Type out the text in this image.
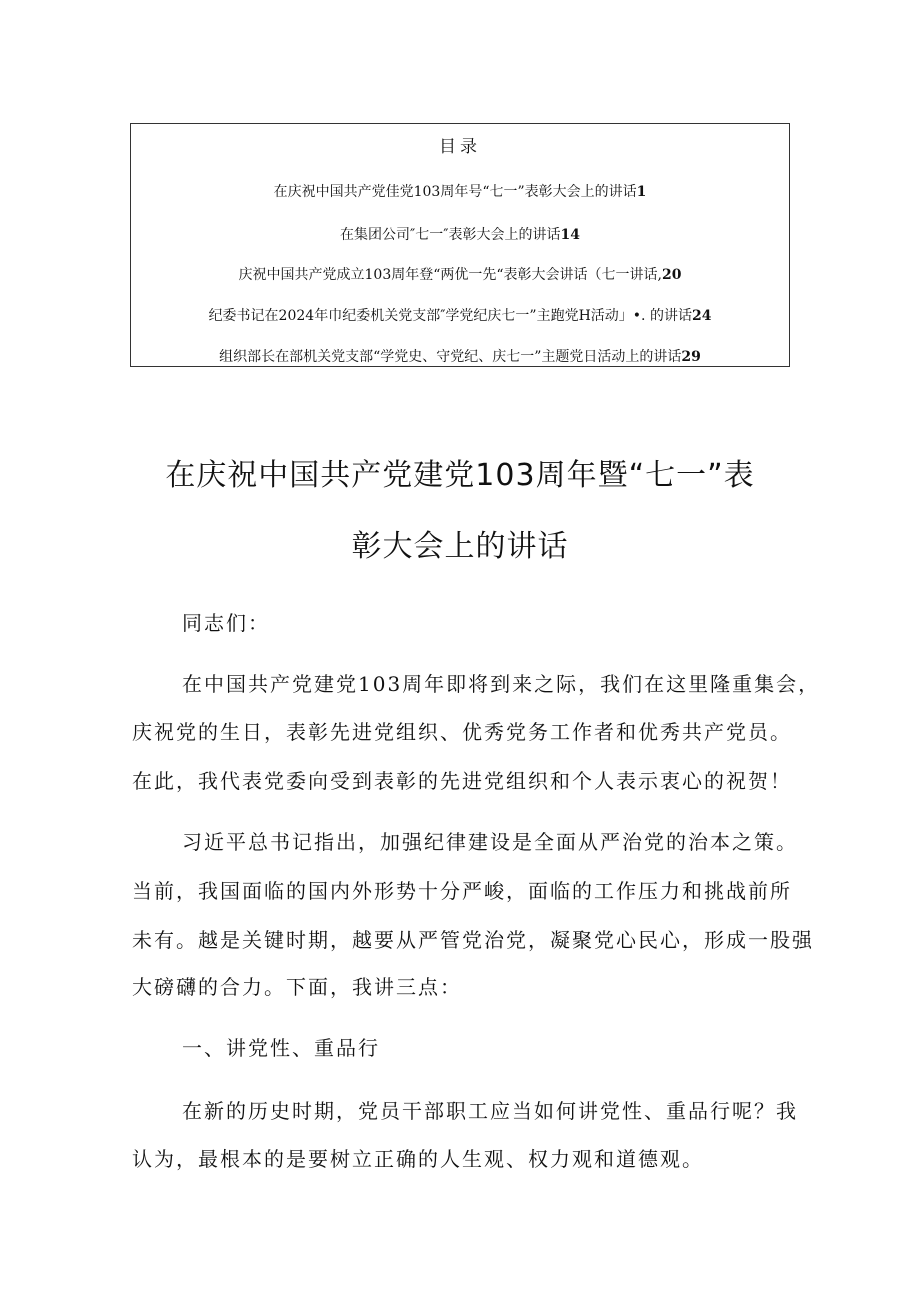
目录
在庆祝中国共产党佳党103周年号“七一”表彰大会上的讲话1
在集团公司″七一″表彰大会上的讲话14
庆祝中国共产党成立103周年登“两优一先“表彰大会讲话（七一讲话,20
纪委书记在2024年巾纪委机关党支部″学党纪庆七一”主跑党H活动」•. 的讲话24
组织部长在部机关党支部“学党史、守党纪、庆七一”主题党日活动上的讲话29
在庆祝中国共产党建党103周年暨“七一”表
彰大会上的讲话
同志们：
在中国共产党建党103周年即将到来之际，我们在这里隆重集会，
庆祝党的生日，表彰先进党组织、优秀党务工作者和优秀共产党员。
在此，我代表党委向受到表彰的先进党组织和个人表示衷心的祝贺！
习近平总书记指出，加强纪律建设是全面从严治党的治本之策。
当前，我国面临的国内外形势十分严峻，面临的工作压力和挑战前所
未有。越是关键时期，越要从严管党治党，凝聚党心民心，形成一股强
大磅礴的合力。下面，我讲三点：
一、讲党性、重品行
在新的历史时期，党员干部职工应当如何讲党性、重品行呢？我
认为，最根本的是要树立正确的人生观、权力观和道德观。
